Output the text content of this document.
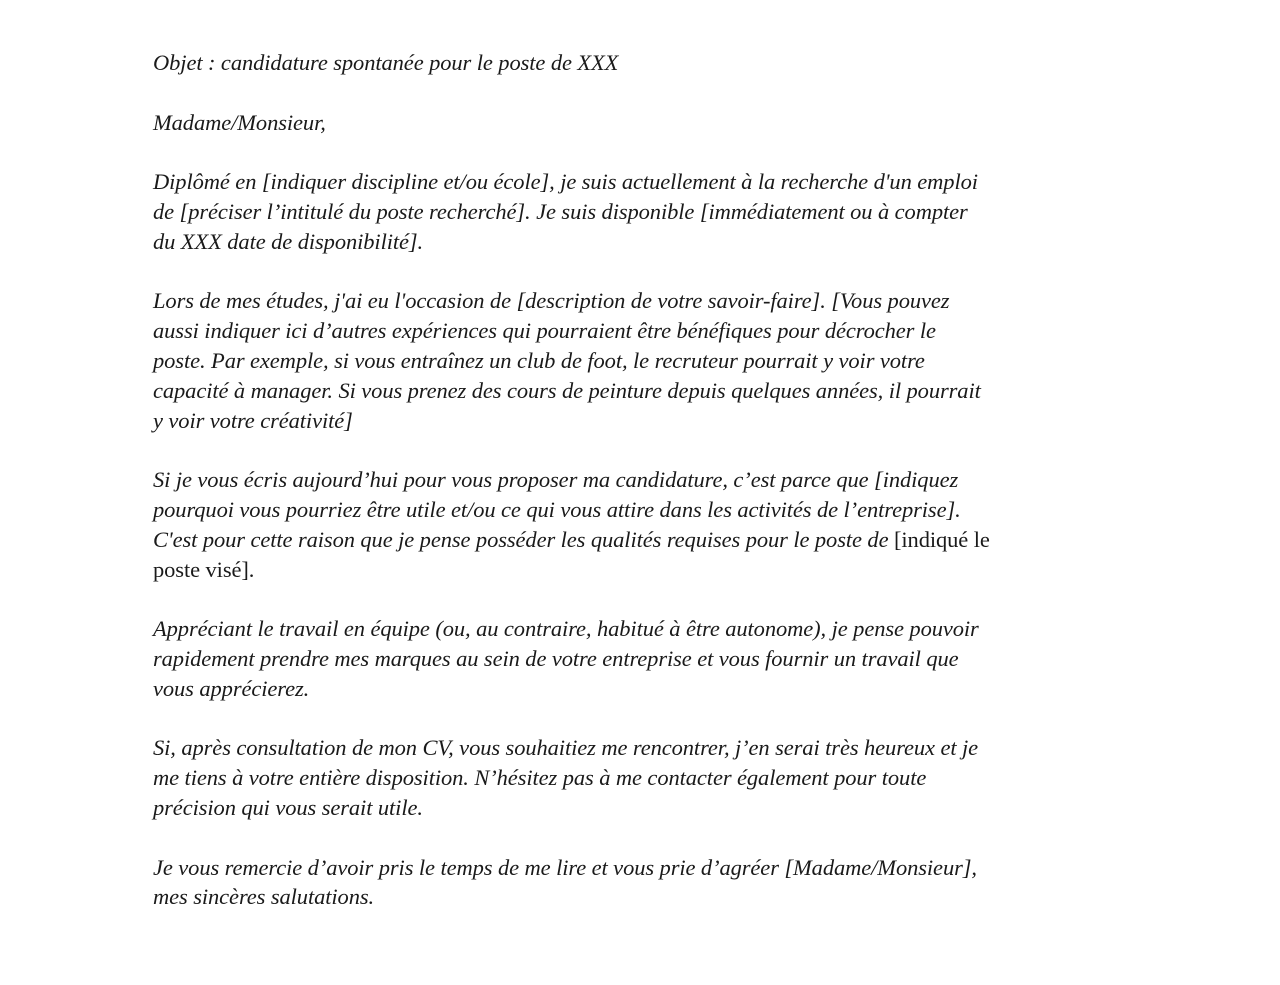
Objet : candidature spontanée pour le poste de XXX
Madame/Monsieur,
Diplômé en [indiquer discipline et/ou école], je suis actuellement à la recherche d'un emploi
de [préciser l’intitulé du poste recherché]. Je suis disponible [immédiatement ou à compter
du XXX date de disponibilité].
Lors de mes études, j'ai eu l'occasion de [description de votre savoir-faire]. [Vous pouvez
aussi indiquer ici d’autres expériences qui pourraient être bénéfiques pour décrocher le
poste. Par exemple, si vous entraînez un club de foot, le recruteur pourrait y voir votre
capacité à manager. Si vous prenez des cours de peinture depuis quelques années, il pourrait
y voir votre créativité]
Si je vous écris aujourd’hui pour vous proposer ma candidature, c’est parce que [indiquez
pourquoi vous pourriez être utile et/ou ce qui vous attire dans les activités de l’entreprise].
C'est pour cette raison que je pense posséder les qualités requises pour le poste de [indiqué le
poste visé].
Appréciant le travail en équipe (ou, au contraire, habitué à être autonome), je pense pouvoir
rapidement prendre mes marques au sein de votre entreprise et vous fournir un travail que
vous apprécierez.
Si, après consultation de mon CV, vous souhaitiez me rencontrer, j’en serai très heureux et je
me tiens à votre entière disposition. N’hésitez pas à me contacter également pour toute
précision qui vous serait utile.
Je vous remercie d’avoir pris le temps de me lire et vous prie d’agréer [Madame/Monsieur],
mes sincères salutations.
